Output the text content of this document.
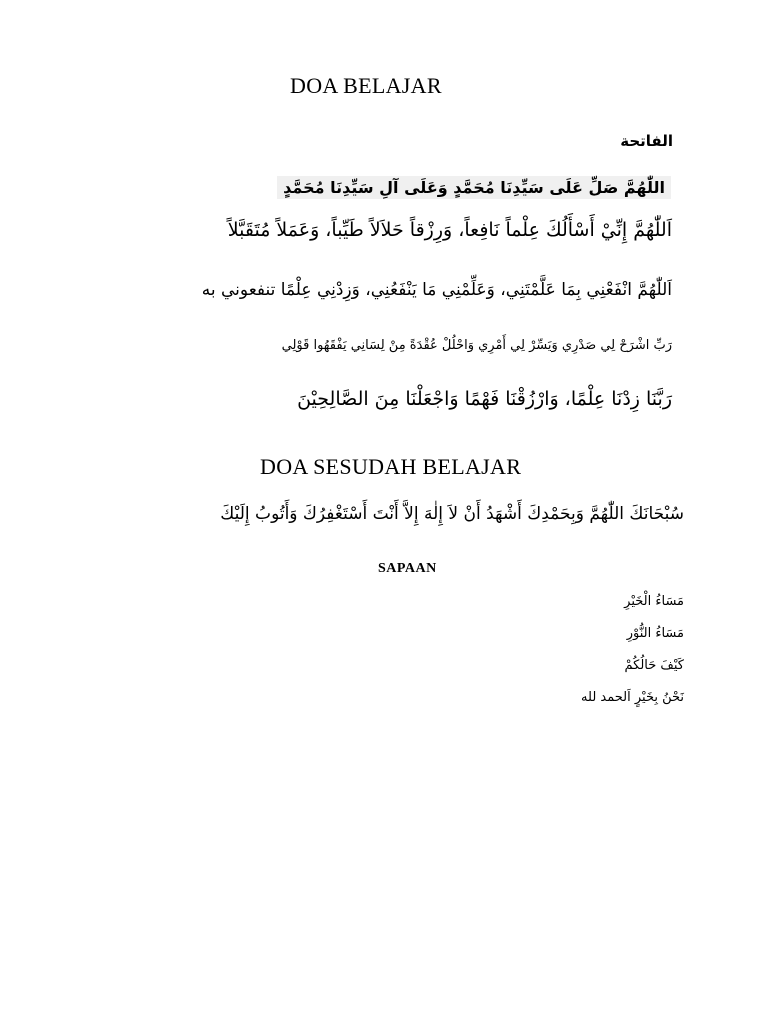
DOA BELAJAR
الفاتحة
اللّٰهُمَّ صَلِّ عَلَى سَيِّدِنَا مُحَمَّدٍ وَعَلَى آلِ سَيِّدِنَا مُحَمَّدٍ
اَللّٰهُمَّ إِنِّيْ أَسْأَلُكَ عِلْماً نَافِعاً، وَرِزْقاً حَلاَلاً طَيِّباً، وَعَمَلاً مُتَقَبَّلاً
اَللّٰهُمَّ انْفَعْنِي بِمَا عَلَّمْتَنِي، وَعَلِّمْنِي مَا يَنْفَعُنِي، وَزِدْنِي عِلْمًا تنفعوني به
رَبِّ اشْرَحْ لِي صَدْرِي وَيَسِّرْ لِي أَمْرِي وَاحْلُلْ عُقْدَةً مِنْ لِسَانِي يَفْقَهُوا قَوْلِي
رَبَّنَا زِدْنَا عِلْمًا، وَارْزُقْنَا فَهْمًا وَاجْعَلْنَا مِنَ الصَّالِحِيْنَ
DOA SESUDAH BELAJAR
سُبْحَانَكَ اللّٰهُمَّ وَبِحَمْدِكَ أَشْهَدُ أَنْ لاَ إِلٰهَ إِلاَّ أَنْتَ أَسْتَغْفِرُكَ وَأَتُوبُ إِلَيْكَ
SAPAAN
مَسَاءُ الْخَيْرِ
مَسَاءُ النُّوْرِ
كَيْفَ حَالُكُمْ
نَحْنُ بِخَيْرٍ اَلحمد لله
